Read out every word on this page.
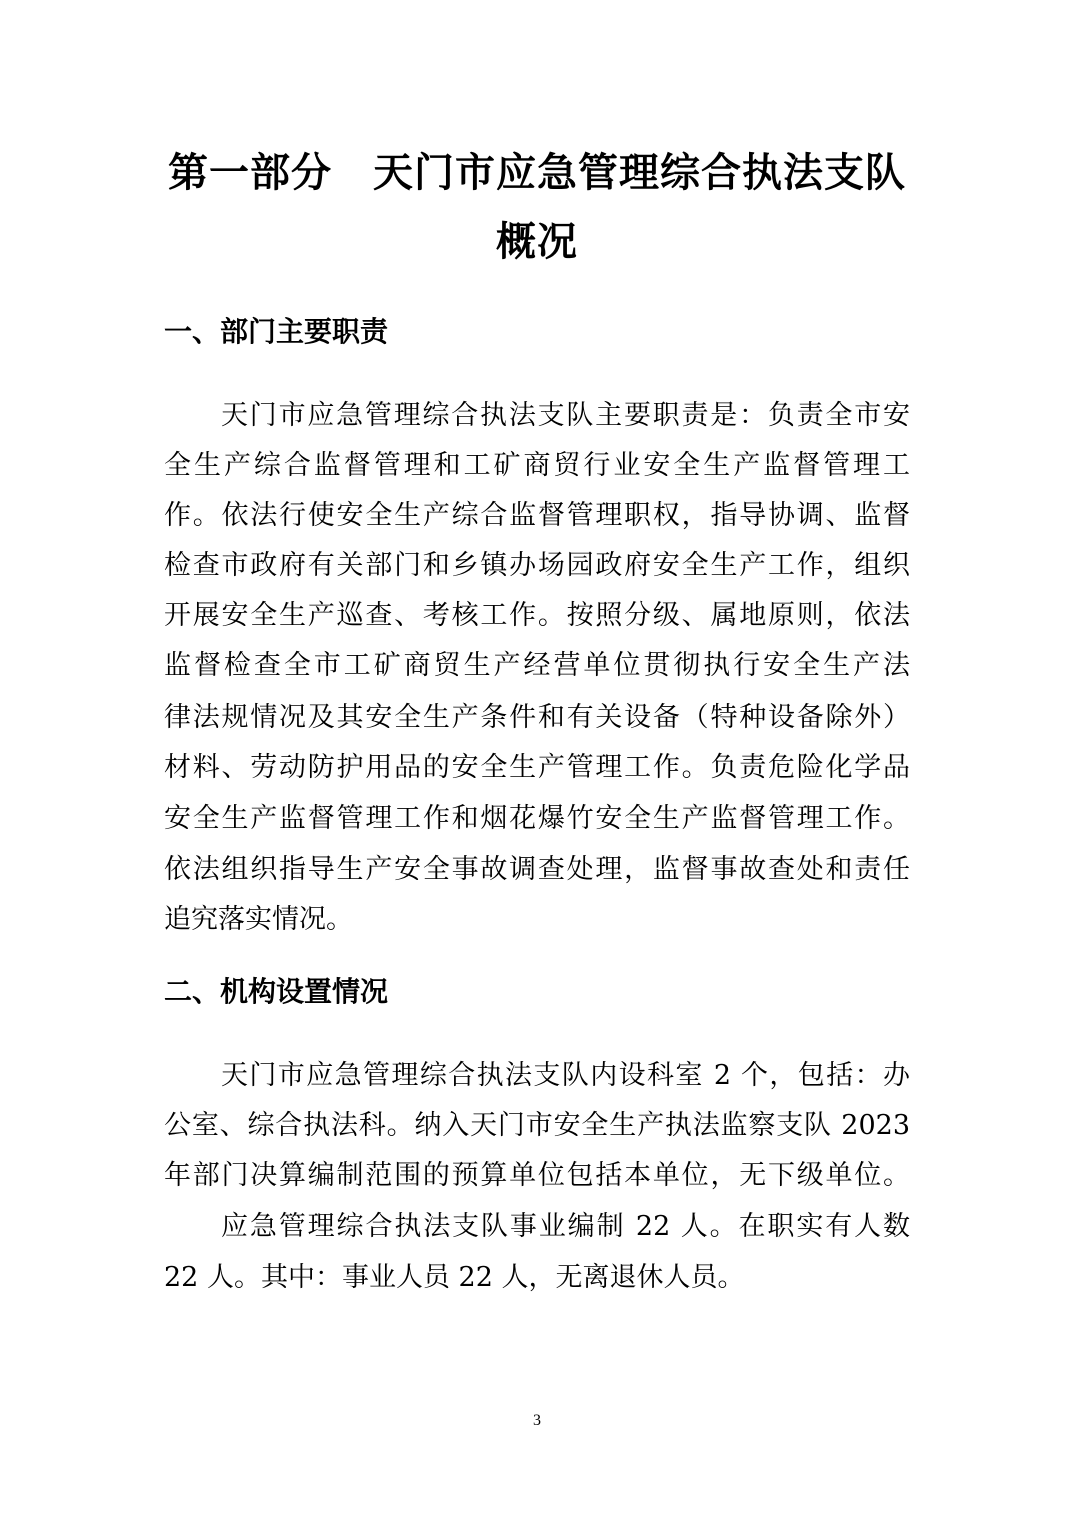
第一部分　天门市应急管理综合执法支队
概况
一、部门主要职责
天门市应急管理综合执法支队主要职责是：负责全市安
全生产综合监督管理和工矿商贸行业安全生产监督管理工
作。依法行使安全生产综合监督管理职权，指导协调、监督
检查市政府有关部门和乡镇办场园政府安全生产工作，组织
开展安全生产巡查、考核工作。按照分级、属地原则，依法
监督检查全市工矿商贸生产经营单位贯彻执行安全生产法
律法规情况及其安全生产条件和有关设备（特种设备除外）
材料、劳动防护用品的安全生产管理工作。负责危险化学品
安全生产监督管理工作和烟花爆竹安全生产监督管理工作。
依法组织指导生产安全事故调查处理，监督事故查处和责任
追究落实情况。
二、机构设置情况
天门市应急管理综合执法支队内设科室 2 个，包括：办
公室、综合执法科。纳入天门市安全生产执法监察支队 2023
年部门决算编制范围的预算单位包括本单位，无下级单位。
应急管理综合执法支队事业编制 22 人。在职实有人数
22 人。其中：事业人员 22 人，无离退休人员。
3
